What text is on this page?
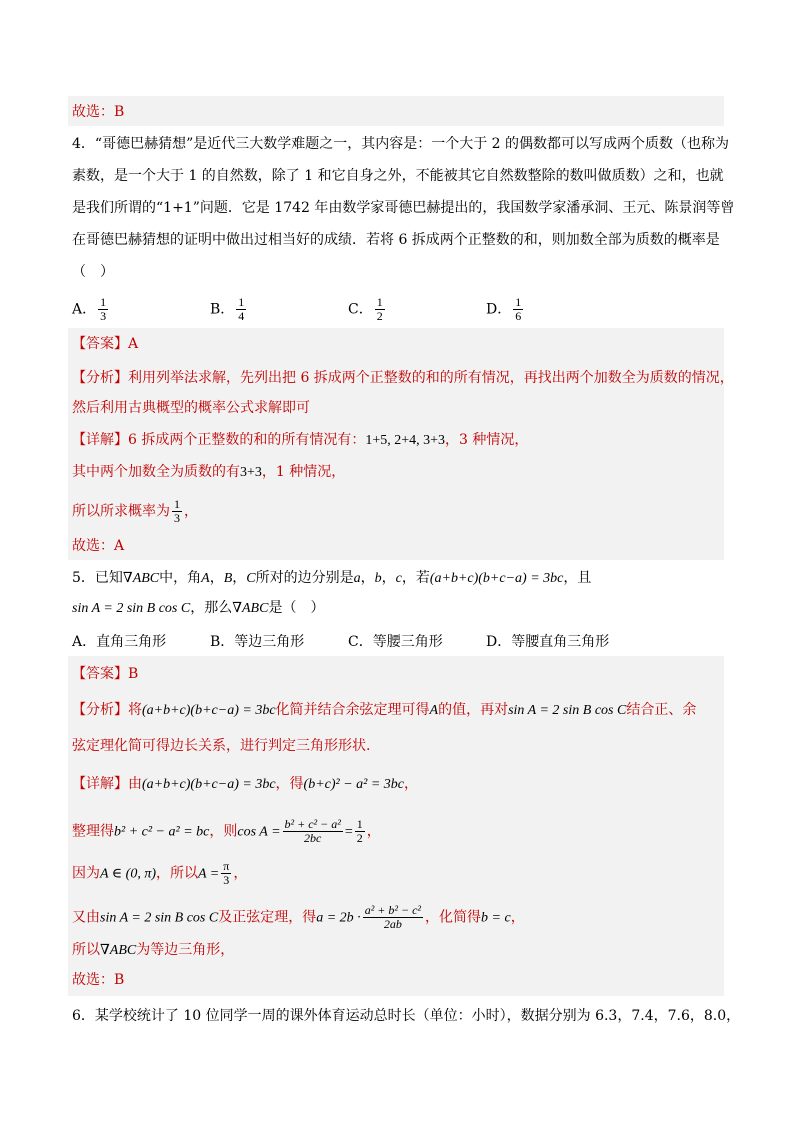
故选：B
4．“哥德巴赫猜想”是近代三大数学难题之一，其内容是：一个大于 2 的偶数都可以写成两个质数（也称为
素数，是一个大于 1 的自然数，除了 1 和它自身之外，不能被其它自然数整除的数叫做质数）之和，也就
是我们所谓的“1+1”问题．它是 1742 年由数学家哥德巴赫提出的，我国数学家潘承洞、王元、陈景润等曾
在哥德巴赫猜想的证明中做出过相当好的成绩．若将 6 拆成两个正整数的和，则加数全部为质数的概率是
（　）
A． $\frac{1}{3}$	B． $\frac{1}{4}$	C． $\frac{1}{2}$	D． $\frac{1}{6}$
【答案】A
【分析】利用列举法求解，先列出把 6 拆成两个正整数的和的所有情况，再找出两个加数全为质数的情况，
然后利用古典概型的概率公式求解即可
【详解】6 拆成两个正整数的和的所有情况有：1+5, 2+4, 3+3，3 种情况，
其中两个加数全为质数的有3+3，1 种情况，
所以所求概率为 $\frac{1}{3}$ ，
故选：A
5．已知∇ABC中，角A，B，C所对的边分别是a，b，c，若(a+b+c)(b+c−a) = 3bc，且
sin A = 2 sin B cos C，那么∇ABC是（　）
A．直角三角形	B．等边三角形	C．等腰三角形	D．等腰直角三角形
【答案】B
【分析】将(a+b+c)(b+c−a) = 3bc化简并结合余弦定理可得A的值，再对sin A = 2 sin B cos C结合正、余
弦定理化简可得边长关系，进行判定三角形形状.
【详解】由(a+b+c)(b+c−a) = 3bc，得(b+c)² − a² = 3bc，
整理得b² + c² − a² = bc，则$\cos A = \frac{\text{b² + c² − a²}}{2bc} = \frac{1}{2}$ ，
因为A ∈ (0, π)，所以$A = \frac{\pi}{3}$ ，
又由sin A = 2 sin B cos C及正弦定理，得$a = 2b \cdot \frac{\text{a² + b² − c²}}{2ab}$ ，化简得b = c，
所以∇ABC为等边三角形，
故选：B
6．某学校统计了 10 位同学一周的课外体育运动总时长（单位：小时），数据分别为 6.3，7.4，7.6，8.0，
